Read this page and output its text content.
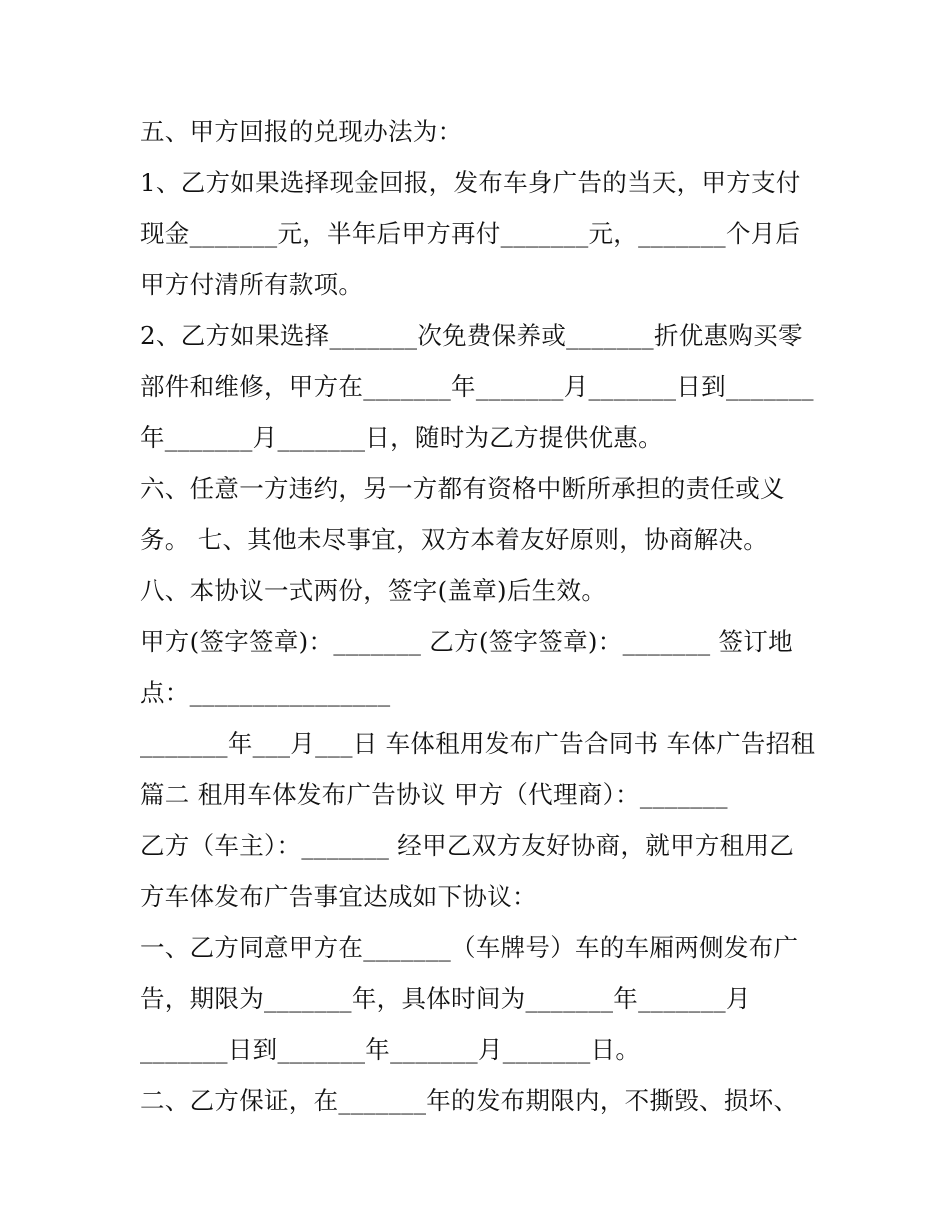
五、甲方回报的兑现办法为：
1、乙方如果选择现金回报，发布车身广告的当天，甲方支付
现金_______元，半年后甲方再付_______元，_______个月后
甲方付清所有款项。
2、乙方如果选择_______次免费保养或_______折优惠购买零
部件和维修，甲方在_______年_______月_______日到_______
年_______月_______日，随时为乙方提供优惠。
六、任意一方违约，另一方都有资格中断所承担的责任或义
务。 七、其他未尽事宜，双方本着友好原则，协商解决。
八、本协议一式两份，签字(盖章)后生效。
甲方(签字签章)：_______ 乙方(签字签章)：_______ 签订地
点：________________
_______年___月___日 车体租用发布广告合同书 车体广告招租
篇二 租用车体发布广告协议 甲方（代理商）：_______
乙方（车主）：_______ 经甲乙双方友好协商，就甲方租用乙
方车体发布广告事宜达成如下协议：
一、乙方同意甲方在_______（车牌号）车的车厢两侧发布广
告，期限为_______年，具体时间为_______年_______月
_______日到_______年_______月_______日。
二、乙方保证，在_______年的发布期限内，不撕毁、损坏、
